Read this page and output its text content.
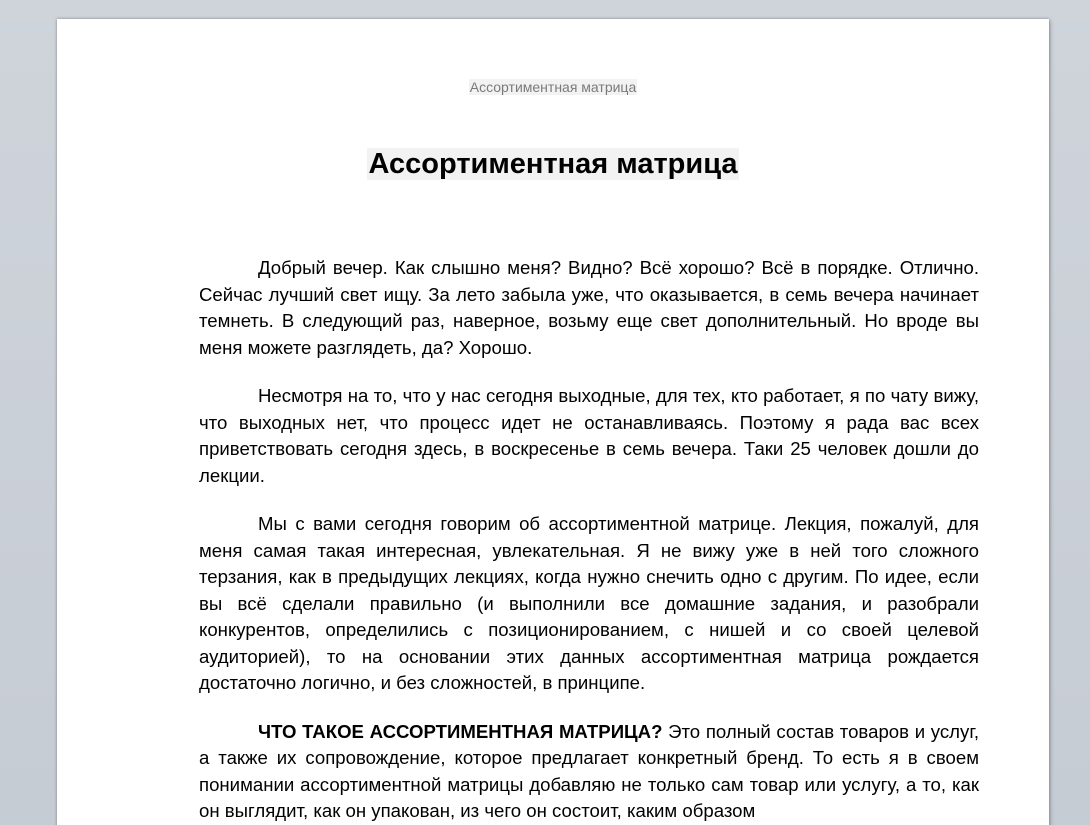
Ассортиментная матрица
Ассортиментная матрица

Добрый вечер. Как слышно меня? Видно? Всё хорошо? Всё в порядке. Отлично. Сейчас лучший свет ищу. За лето забыла уже, что оказывается, в семь вечера начинает темнеть. В следующий раз, наверное, возьму еще свет дополнительный. Но вроде вы меня можете разглядеть, да? Хорошо.

Несмотря на то, что у нас сегодня выходные, для тех, кто работает, я по чату вижу, что выходных нет, что процесс идет не останавливаясь. Поэтому я рада вас всех приветствовать сегодня здесь, в воскресенье в семь вечера. Таки 25 человек дошли до лекции.

Мы с вами сегодня говорим об ассортиментной матрице. Лекция, пожалуй, для меня самая такая интересная, увлекательная. Я не вижу уже в ней того сложного терзания, как в предыдущих лекциях, когда нужно снечить одно с другим. По идее, если вы всё сделали правильно (и выполнили все домашние задания, и разобрали конкурентов, определились с позиционированием, с нишей и со своей целевой аудиторией), то на основании этих данных ассортиментная матрица рождается достаточно логично, и без сложностей, в принципе.

ЧТО ТАКОЕ АССОРТИМЕНТНАЯ МАТРИЦА? Это полный состав товаров и услуг, а также их сопровождение, которое предлагает конкретный бренд. То есть я в своем понимании ассортиментной матрицы добавляю не только сам товар или услугу, а то, как он выглядит, как он упакован, из чего он состоит, каким образом
